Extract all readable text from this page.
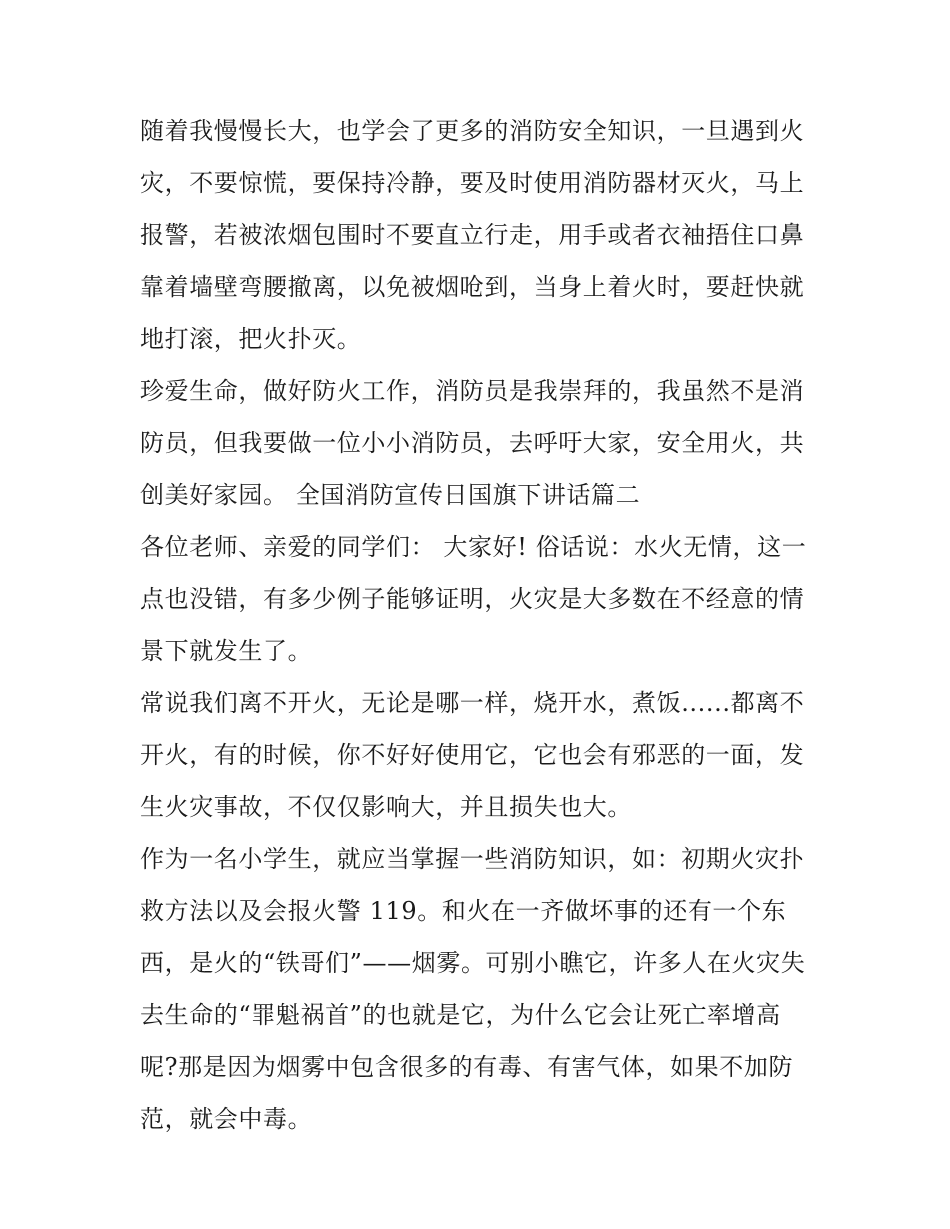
随着我慢慢长大，也学会了更多的消防安全知识，一旦遇到火
灾，不要惊慌，要保持冷静，要及时使用消防器材灭火，马上
报警，若被浓烟包围时不要直立行走，用手或者衣袖捂住口鼻
靠着墙壁弯腰撤离，以免被烟呛到，当身上着火时，要赶快就
地打滚，把火扑灭。
珍爱生命，做好防火工作，消防员是我崇拜的，我虽然不是消
防员，但我要做一位小小消防员，去呼吁大家，安全用火，共
创美好家园。 全国消防宣传日国旗下讲话篇二
各位老师、亲爱的同学们： 大家好! 俗话说：水火无情，这一
点也没错，有多少例子能够证明，火灾是大多数在不经意的情
景下就发生了。
常说我们离不开火，无论是哪一样，烧开水，煮饭......都离不
开火，有的时候，你不好好使用它，它也会有邪恶的一面，发
生火灾事故，不仅仅影响大，并且损失也大。
作为一名小学生，就应当掌握一些消防知识，如：初期火灾扑
救方法以及会报火警 119。和火在一齐做坏事的还有一个东
西，是火的“铁哥们”——烟雾。可别小瞧它，许多人在火灾失
去生命的“罪魁祸首”的也就是它，为什么它会让死亡率增高
呢?那是因为烟雾中包含很多的有毒、有害气体，如果不加防
范，就会中毒。
